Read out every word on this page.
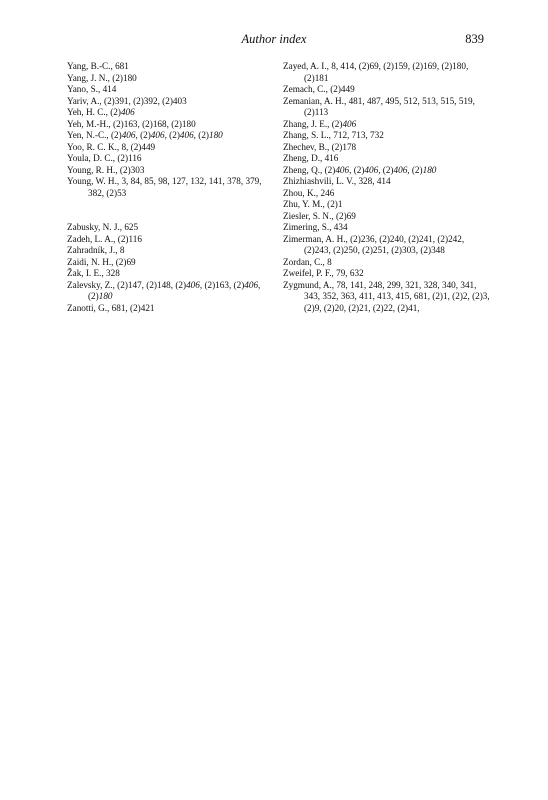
Author index	839
Yang, B.-C., 681
Yang, J. N., (2)180
Yano, S., 414
Yariv, A., (2)391, (2)392, (2)403
Yeh, H. C., (2)406
Yeh, M.-H., (2)163, (2)168, (2)180
Yen, N.-C., (2)406, (2)406, (2)406, (2)180
Yoo, R. C. K., 8, (2)449
Youla, D. C., (2)116
Young, R. H., (2)303
Young, W. H., 3, 84, 85, 98, 127, 132, 141, 378, 379, 382, (2)53
Zabusky, N. J., 625
Zadeh, L. A., (2)116
Zahradník, J., 8
Zaidi, N. H., (2)69
Žak, I. E., 328
Zalevsky, Z., (2)147, (2)148, (2)406, (2)163, (2)406, (2)180
Zanotti, G., 681, (2)421
Zayed, A. I., 8, 414, (2)69, (2)159, (2)169, (2)180, (2)181
Zemach, C., (2)449
Zemanian, A. H., 481, 487, 495, 512, 513, 515, 519, (2)113
Zhang, J. E., (2)406
Zhang, S. L., 712, 713, 732
Zhechev, B., (2)178
Zheng, D., 416
Zheng, Q., (2)406, (2)406, (2)406, (2)180
Zhizhiashvili, L. V., 328, 414
Zhou, K., 246
Zhu, Y. M., (2)1
Ziesler, S. N., (2)69
Zimering, S., 434
Zimerman, A. H., (2)236, (2)240, (2)241, (2)242, (2)243, (2)250, (2)251, (2)303, (2)348
Zordan, C., 8
Zweifel, P. F., 79, 632
Zygmund, A., 78, 141, 248, 299, 321, 328, 340, 341, 343, 352, 363, 411, 413, 415, 681, (2)1, (2)2, (2)3, (2)9, (2)20, (2)21, (2)22, (2)41,
